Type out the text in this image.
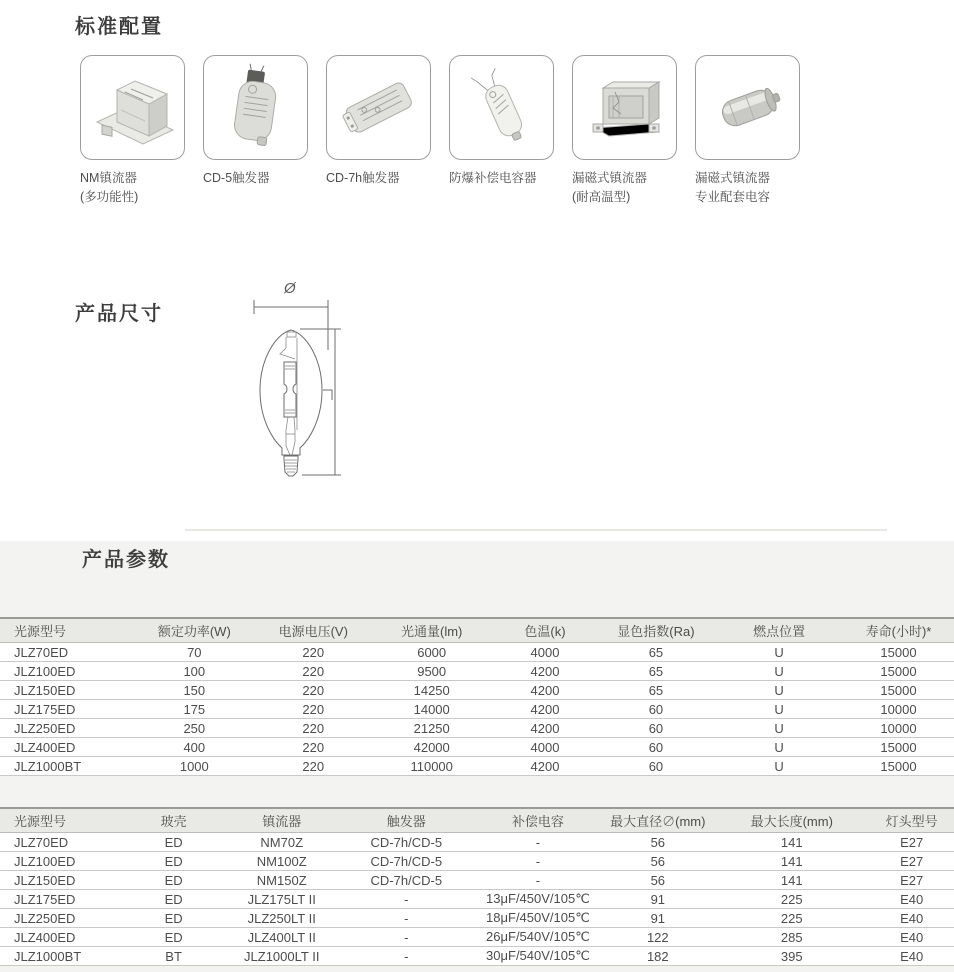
标准配置
NM镇流器
(多功能性)
CD-5触发器	CD-7h触发器	防爆补偿电容器	漏磁式镇流器
(耐高温型)
漏磁式镇流器
专业配套电容
产品尺寸
Ø
产品参数
光源型号	额定功率(W)	电源电压(V)	光通量(lm)	色温(k)	显色指数(Ra)	燃点位置	寿命(小时)*
JLZ70ED	70	220	6000	4000	65	U	15000
JLZ100ED	100	220	9500	4200	65	U	15000
JLZ150ED	150	220	14250	4200	65	U	15000
JLZ175ED	175	220	14000	4200	60	U	10000
JLZ250ED	250	220	21250	4200	60	U	10000
JLZ400ED	400	220	42000	4000	60	U	15000
JLZ1000BT	1000	220	110000	4200	60	U	15000
光源型号	玻壳	镇流器	触发器	补偿电容	最大直径∅(mm)	最大长度(mm)	灯头型号
JLZ70ED	ED	NM70Z	CD-7h/CD-5	-	56	141	E27
JLZ100ED	ED	NM100Z	CD-7h/CD-5	-	56	141	E27
JLZ150ED	ED	NM150Z	CD-7h/CD-5	-	56	141	E27
JLZ175ED	ED	JLZ175LT II	-	13μF/450V/105℃	91	225	E40
JLZ250ED	ED	JLZ250LT II	-	18μF/450V/105℃	91	225	E40
JLZ400ED	ED	JLZ400LT II	-	26μF/540V/105℃	122	285	E40
JLZ1000BT	BT	JLZ1000LT II	-	30μF/540V/105℃	182	395	E40
